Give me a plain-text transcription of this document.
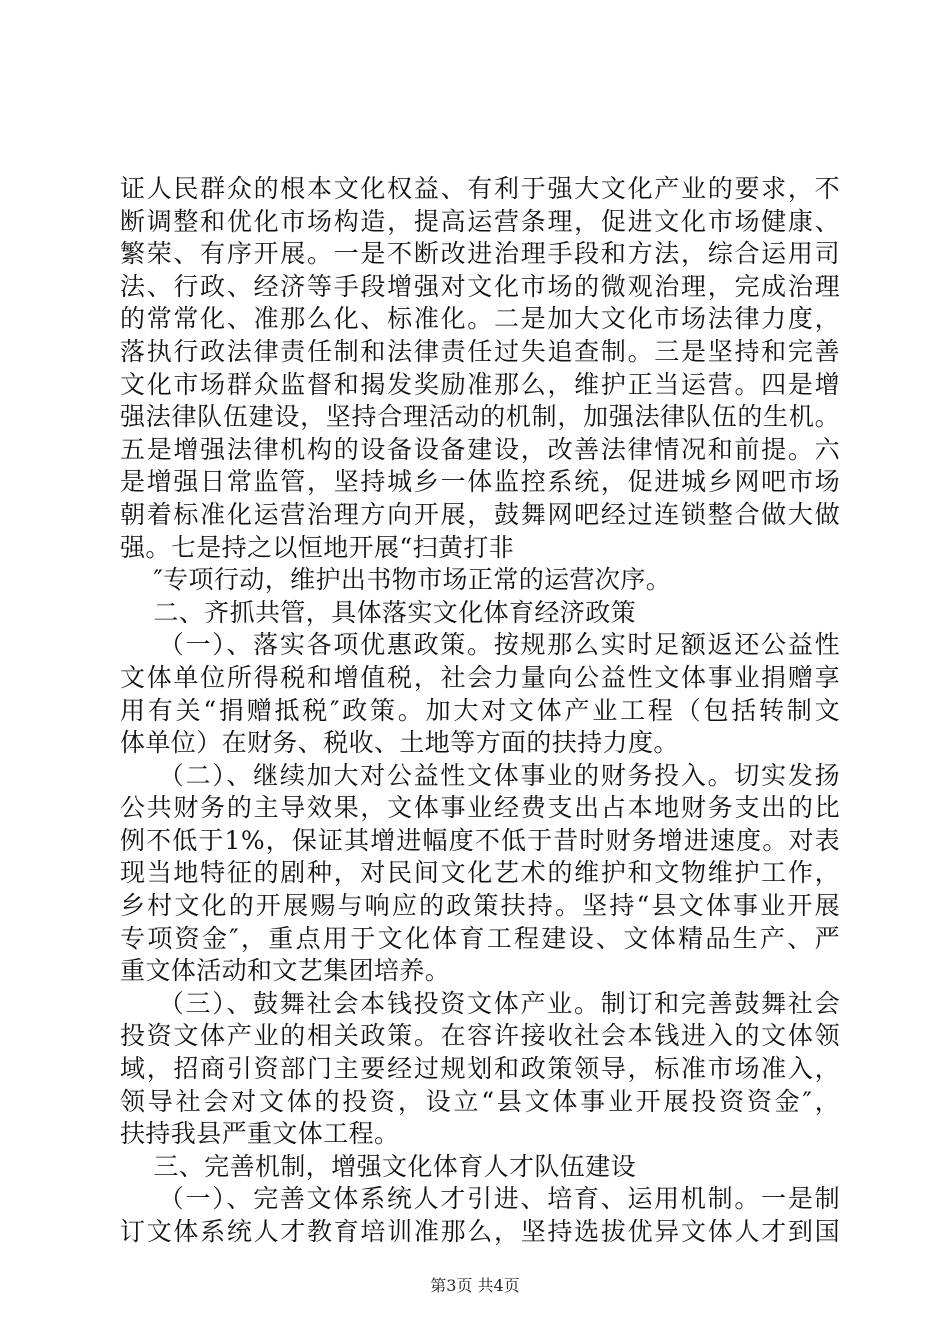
证人民群众的根本文化权益、有利于强大文化产业的要求，不
断调整和优化市场构造，提高运营条理，促进文化市场健康、
繁荣、有序开展。一是不断改进治理手段和方法，综合运用司
法、行政、经济等手段增强对文化市场的微观治理，完成治理
的常常化、准那么化、标准化。二是加大文化市场法律力度，
落执行政法律责任制和法律责任过失追查制。三是坚持和完善
文化市场群众监督和揭发奖励准那么，维护正当运营。四是增
强法律队伍建设，坚持合理活动的机制，加强法律队伍的生机。
五是增强法律机构的设备设备建设，改善法律情况和前提。六
是增强日常监管，坚持城乡一体监控系统，促进城乡网吧市场
朝着标准化运营治理方向开展，鼓舞网吧经过连锁整合做大做
强。七是持之以恒地开展“扫黄打非
″专项行动，维护出书物市场正常的运营次序。
二、齐抓共管，具体落实文化体育经济政策
（一）、落实各项优惠政策。按规那么实时足额返还公益性
文体单位所得税和增值税，社会力量向公益性文体事业捐赠享
用有关“捐赠抵税″政策。加大对文体产业工程（包括转制文
体单位）在财务、税收、土地等方面的扶持力度。
（二）、继续加大对公益性文体事业的财务投入。切实发扬
公共财务的主导效果，文体事业经费支出占本地财务支出的比
例不低于1%，保证其增进幅度不低于昔时财务增进速度。对表
现当地特征的剧种，对民间文化艺术的维护和文物维护工作，
乡村文化的开展赐与响应的政策扶持。坚持“县文体事业开展
专项资金″，重点用于文化体育工程建设、文体精品生产、严
重文体活动和文艺集团培养。
（三）、鼓舞社会本钱投资文体产业。制订和完善鼓舞社会
投资文体产业的相关政策。在容许接收社会本钱进入的文体领
域，招商引资部门主要经过规划和政策领导，标准市场准入，
领导社会对文体的投资，设立“县文体事业开展投资资金″，
扶持我县严重文体工程。
三、完善机制，增强文化体育人才队伍建设
（一）、完善文体系统人才引进、培育、运用机制。一是制
订文体系统人才教育培训准那么，坚持选拔优异文体人才到国
第3页 共4页
